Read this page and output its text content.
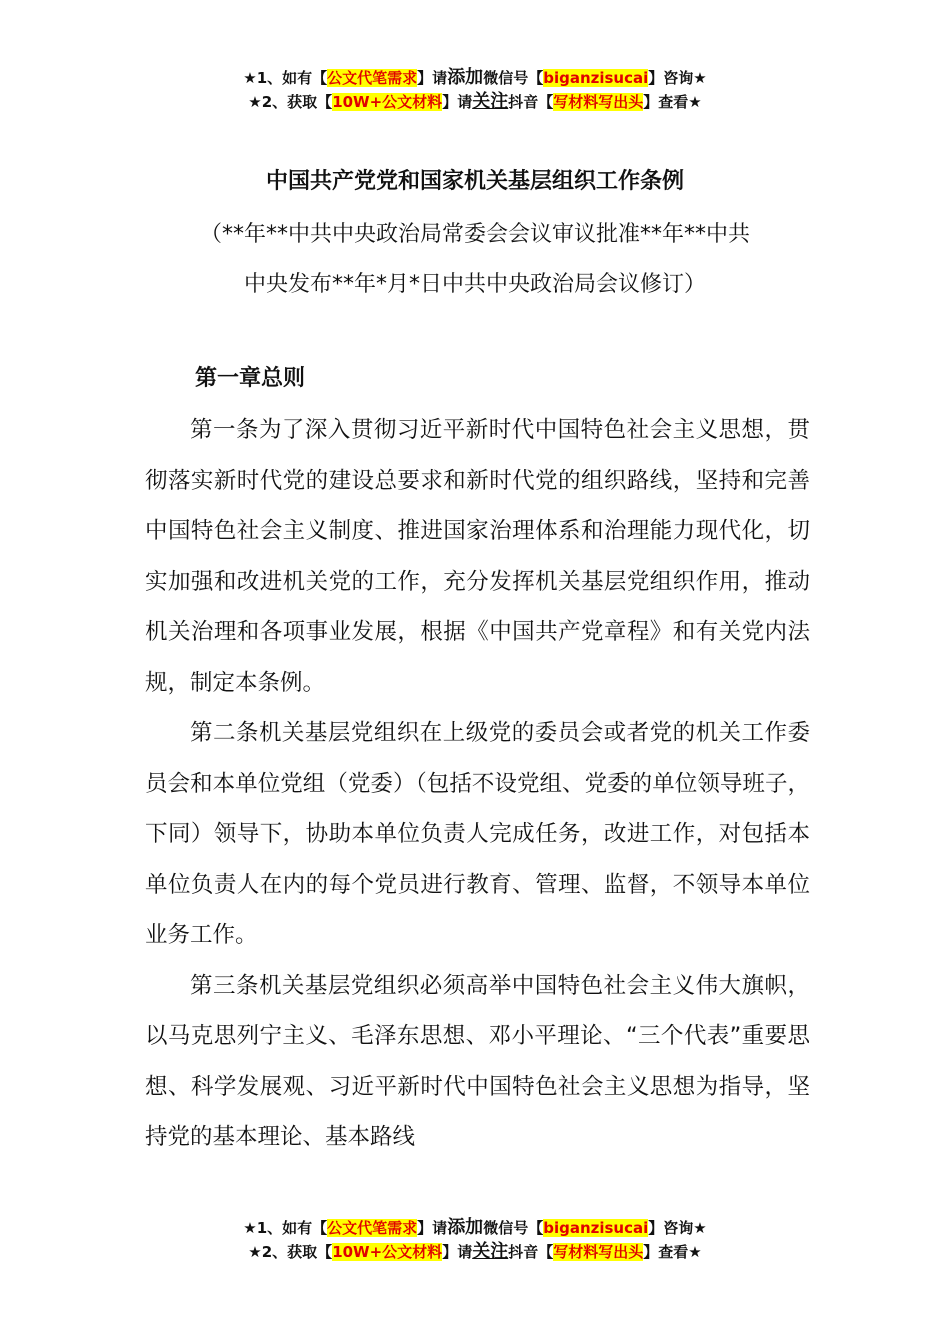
★1、如有【公文代笔需求】请添加微信号【biganzisucai】咨询★
★2、获取【10W+公文材料】请关注抖音【写材料写出头】查看★
中国共产党党和国家机关基层组织工作条例
（**年**中共中央政治局常委会会议审议批准**年**中共
中央发布**年*月*日中共中央政治局会议修订）
第一章总则

第一条为了深入贯彻习近平新时代中国特色社会主义思想，贯彻落实新时代党的建设总要求和新时代党的组织路线，坚持和完善中国特色社会主义制度、推进国家治理体系和治理能力现代化，切实加强和改进机关党的工作，充分发挥机关基层党组织作用，推动机关治理和各项事业发展，根据《中国共产党章程》和有关党内法规，制定本条例。

第二条机关基层党组织在上级党的委员会或者党的机关工作委员会和本单位党组（党委）（包括不设党组、党委的单位领导班子，下同）领导下，协助本单位负责人完成任务，改进工作，对包括本单位负责人在内的每个党员进行教育、管理、监督，不领导本单位业务工作。

第三条机关基层党组织必须高举中国特色社会主义伟大旗帜，以马克思列宁主义、毛泽东思想、邓小平理论、“三个代表”重要思想、科学发展观、习近平新时代中国特色社会主义思想为指导，坚持党的基本理论、基本路线

★1、如有【公文代笔需求】请添加微信号【biganzisucai】咨询★
★2、获取【10W+公文材料】请关注抖音【写材料写出头】查看★
